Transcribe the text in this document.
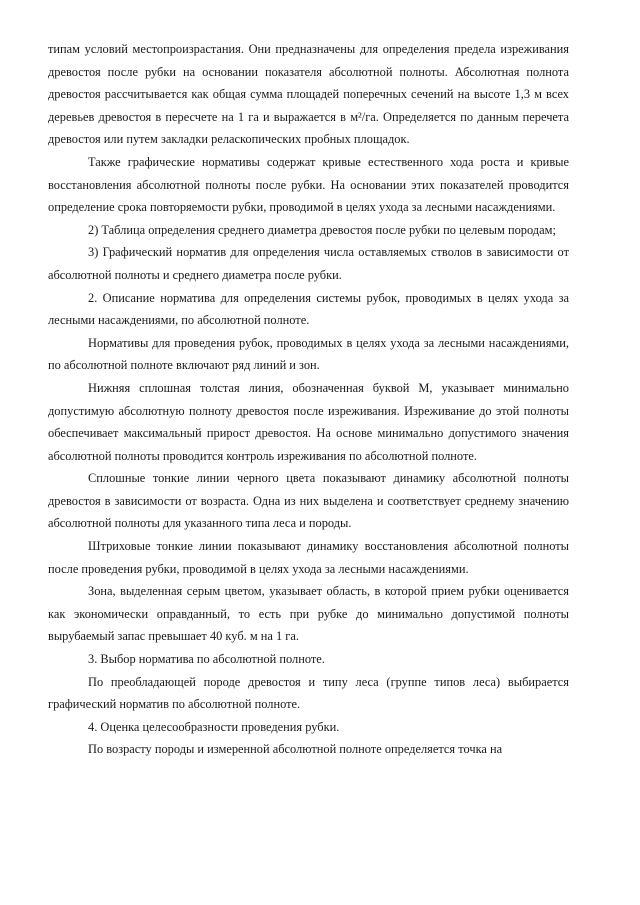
типам условий местопроизрастания. Они предназначены для определения предела изреживания древостоя после рубки на основании показателя абсолютной полноты. Абсолютная полнота древостоя рассчитывается как общая сумма площадей поперечных сечений на высоте 1,3 м всех деревьев древостоя в пересчете на 1 га и выражается в м²/га. Определяется по данным перечета древостоя или путем закладки реласкопических пробных площадок.

Также графические нормативы содержат кривые естественного хода роста и кривые восстановления абсолютной полноты после рубки. На основании этих показателей проводится определение срока повторяемости рубки, проводимой в целях ухода за лесными насаждениями.

2) Таблица определения среднего диаметра древостоя после рубки по целевым породам;

3) Графический норматив для определения числа оставляемых стволов в зависимости от абсолютной полноты и среднего диаметра после рубки.

2. Описание норматива для определения системы рубок, проводимых в целях ухода за лесными насаждениями, по абсолютной полноте.

Нормативы для проведения рубок, проводимых в целях ухода за лесными насаждениями, по абсолютной полноте включают ряд линий и зон.

Нижняя сплошная толстая линия, обозначенная буквой М, указывает минимально допустимую абсолютную полноту древостоя после изреживания. Изреживание до этой полноты обеспечивает максимальный прирост древостоя. На основе минимально допустимого значения абсолютной полноты проводится контроль изреживания по абсолютной полноте.

Сплошные тонкие линии черного цвета показывают динамику абсолютной полноты древостоя в зависимости от возраста. Одна из них выделена и соответствует среднему значению абсолютной полноты для указанного типа леса и породы.

Штриховые тонкие линии показывают динамику восстановления абсолютной полноты после проведения рубки, проводимой в целях ухода за лесными насаждениями.

Зона, выделенная серым цветом, указывает область, в которой прием рубки оценивается как экономически оправданный, то есть при рубке до минимально допустимой полноты вырубаемый запас превышает 40 куб. м на 1 га.

3. Выбор норматива по абсолютной полноте.

По преобладающей породе древостоя и типу леса (группе типов леса) выбирается графический норматив по абсолютной полноте.

4. Оценка целесообразности проведения рубки.

По возрасту породы и измеренной абсолютной полноте определяется точка на
